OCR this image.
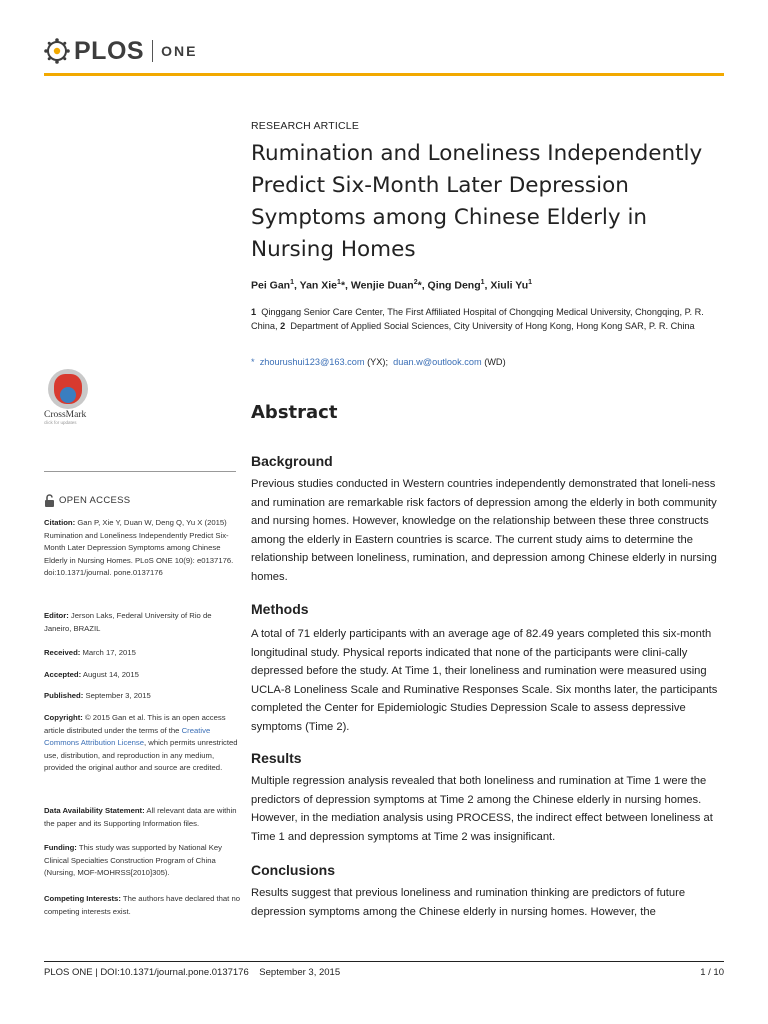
PLOS ONE
RESEARCH ARTICLE
Rumination and Loneliness Independently Predict Six-Month Later Depression Symptoms among Chinese Elderly in Nursing Homes
Pei Gan$^1$, Yan Xie$^1$*, Wenjie Duan$^2$*, Qing Deng$^1$, Xiuli Yu$^1$
1 Qinggang Senior Care Center, The First Affiliated Hospital of Chongqing Medical University, Chongqing, P. R. China, 2 Department of Applied Social Sciences, City University of Hong Kong, Hong Kong SAR, P. R. China
* zhourushui123@163.com (YX); duan.w@outlook.com (WD)
Abstract
Background

Previous studies conducted in Western countries independently demonstrated that loneli-ness and rumination are remarkable risk factors of depression among the elderly in both community and nursing homes. However, knowledge on the relationship between these three constructs among the elderly in Eastern countries is scarce. The current study aims to determine the relationship between loneliness, rumination, and depression among Chinese elderly in nursing homes.

Methods

A total of 71 elderly participants with an average age of 82.49 years completed this six-month longitudinal study. Physical reports indicated that none of the participants were clini-cally depressed before the study. At Time 1, their loneliness and rumination were measured using UCLA-8 Loneliness Scale and Ruminative Responses Scale. Six months later, the participants completed the Center for Epidemiologic Studies Depression Scale to assess depressive symptoms (Time 2).

Results

Multiple regression analysis revealed that both loneliness and rumination at Time 1 were the predictors of depression symptoms at Time 2 among the Chinese elderly in nursing homes. However, in the mediation analysis using PROCESS, the indirect effect between loneliness at Time 1 and depression symptoms at Time 2 was insignificant.

Conclusions

Results suggest that previous loneliness and rumination thinking are predictors of future depression symptoms among the Chinese elderly in nursing homes. However, the

CrossMark
click for updates
OPEN ACCESS
Citation: Gan P, Xie Y, Duan W, Deng Q, Yu X (2015) Rumination and Loneliness Independently Predict Six-Month Later Depression Symptoms among Chinese Elderly in Nursing Homes. PLoS ONE 10(9): e0137176. doi:10.1371/journal. pone.0137176
Editor: Jerson Laks, Federal University of Rio de Janeiro, BRAZIL
Received: March 17, 2015
Accepted: August 14, 2015
Published: September 3, 2015
Copyright: © 2015 Gan et al. This is an open access article distributed under the terms of the Creative Commons Attribution License, which permits unrestricted use, distribution, and reproduction in any medium, provided the original author and source are credited.
Data Availability Statement: All relevant data are within the paper and its Supporting Information files.
Funding: This study was supported by National Key Clinical Specialties Construction Program of China (Nursing, MOF-MOHRSS[2010]305).
Competing Interests: The authors have declared that no competing interests exist.
PLOS ONE | DOI:10.1371/journal.pone.0137176    September 3, 2015	1 / 10
